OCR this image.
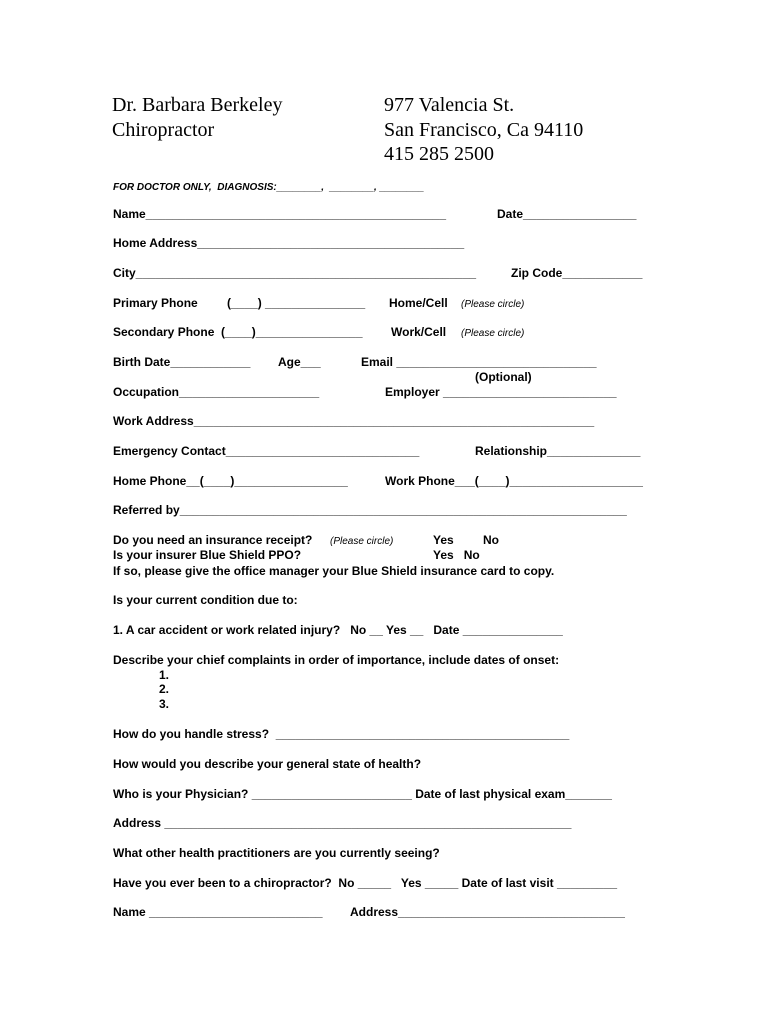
Dr. Barbara Berkeley
Chiropractor
977 Valencia St.
San Francisco, Ca 94110
415 285 2500
FOR DOCTOR ONLY,  DIAGNOSIS:________,  ________, ________
Name_____________________________________________	Date_________________
Home Address________________________________________
City___________________________________________________	Zip Code____________
Primary Phone (____) _______________ Home/Cell (Please circle)
Secondary Phone  (____)________________ Work/Cell (Please circle)
Birth Date____________ Age___	Email ______________________________
(Optional)
Occupation_____________________	Employer __________________________
Work Address____________________________________________________________
Emergency Contact_____________________________	Relationship______________
Home Phone__(____)_________________	Work Phone___(____)____________________
Referred by___________________________________________________________________
Do you need an insurance receipt? (Please circle)	Yes No
Is your insurer Blue Shield PPO?	Yes   No
If so, please give the office manager your Blue Shield insurance card to copy.
Is your current condition due to:
1. A car accident or work related injury?   No __ Yes __   Date _______________
Describe your chief complaints in order of importance, include dates of onset:
1.
2.
3.
How do you handle stress?  ____________________________________________
How would you describe your general state of health?
Who is your Physician? ________________________ Date of last physical exam_______
Address _____________________________________________________________
What other health practitioners are you currently seeing?
Have you ever been to a chiropractor?  No _____   Yes _____ Date of last visit _________
Name __________________________ Address__________________________________
